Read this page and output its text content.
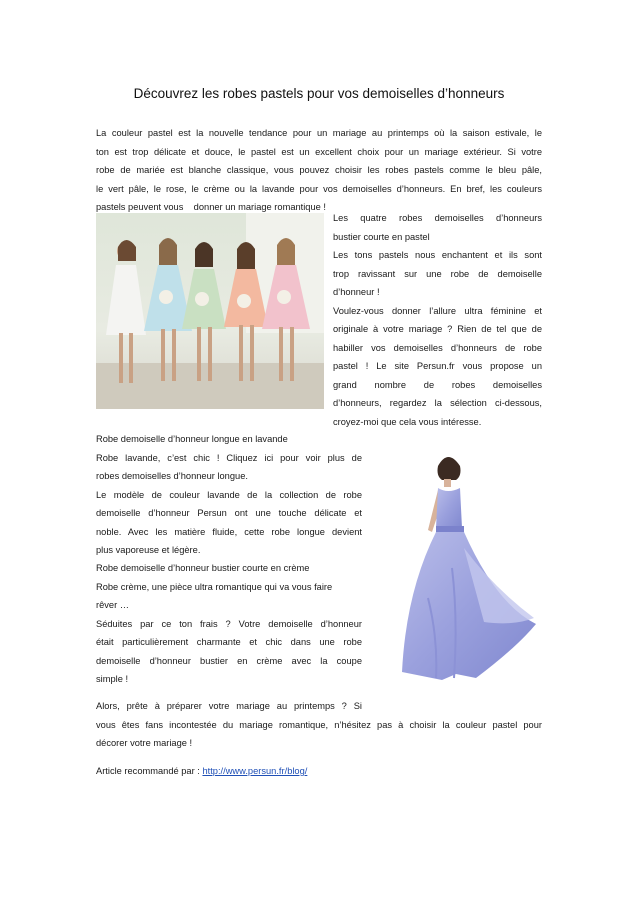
Découvrez les robes pastels pour vos demoiselles d’honneurs
La couleur pastel est la nouvelle tendance pour un mariage au printemps où la saison estivale, le
ton est trop délicate et douce, le pastel est un excellent choix pour un mariage extérieur. Si votre
robe de mariée est blanche classique, vous pouvez choisir les robes pastels comme le bleu pâle,
le vert pâle, le rose, le crème ou la lavande pour vos demoiselles d’honneurs. En bref, les couleurs
pastels peuvent vous    donner un mariage romantique !
Les quatre robes demoiselles d’honneurs
bustier courte en pastel
Les tons pastels nous enchantent et ils sont
trop ravissant sur une robe de demoiselle
d’honneur !
Voulez-vous donner l’allure ultra féminine et
originale à votre mariage ? Rien de tel que de
habiller vos demoiselles d’honneurs de robe
pastel ! Le site Persun.fr vous propose un
grand nombre de robes demoiselles
d’honneurs, regardez la sélection ci-dessous,
croyez-moi que cela vous intéresse.
Robe demoiselle d’honneur longue en lavande
Robe lavande, c’est chic ! Cliquez ici pour voir plus de
robes demoiselles d’honneur longue.
Le modèle de couleur lavande de la collection de robe
demoiselle d’honneur Persun ont une touche délicate et
noble. Avec les matière fluide, cette robe longue devient
plus vaporeuse et légère.
Robe demoiselle d’honneur bustier courte en crème
Robe crème, une pièce ultra romantique qui va vous faire
rêver …
Séduites par ce ton frais ? Votre demoiselle d’honneur
était particulièrement charmante et chic dans une robe
demoiselle d’honneur bustier en crème avec la coupe
simple !
Alors, prête à préparer votre mariage au printemps ? Si
vous êtes fans incontestée du mariage romantique, n’hésitez pas à choisir la couleur pastel pour
décorer votre mariage !
Article recommandé par : http://www.persun.fr/blog/
